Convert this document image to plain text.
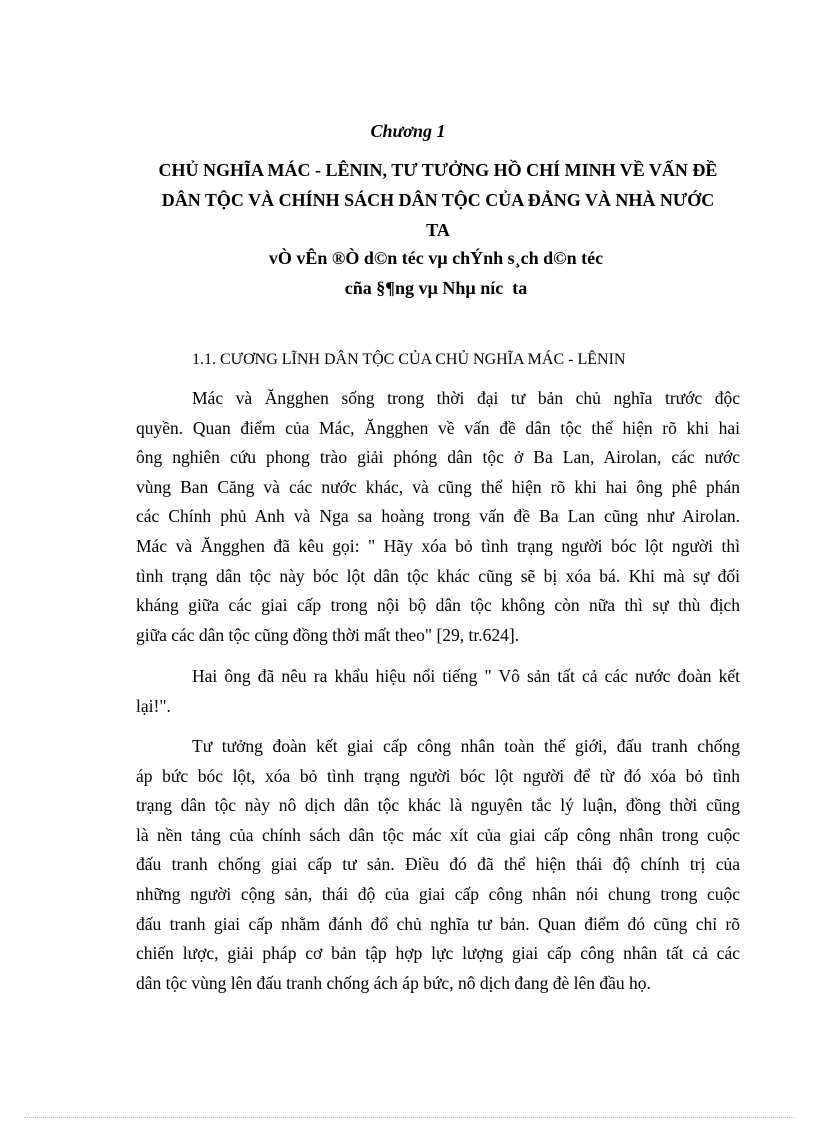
Chương 1
CHỦ NGHĨA MÁC - LÊNIN, TƯ TƯỞNG HỒ CHÍ MINH VỀ VẤN ĐỀ
DÂN TỘC VÀ CHÍNH SÁCH DÂN TỘC CỦA ĐẢNG VÀ NHÀ NƯỚC
TA
vÒ vÊn ®Ò d©n téc vµ chÝnh s¸ch d©n téc
cña §¶ng vµ Nhµ níc  ta
1.1. CƯƠNG LĨNH DÂN TỘC CỦA CHỦ NGHĨA MÁC - LÊNIN
Mác và Ăngghen sống trong thời đại tư bản chủ nghĩa trước độc
quyền. Quan điểm của Mác, Ăngghen về vấn đề dân tộc thể hiện rõ khi hai
ông nghiên cứu phong trào giải phóng dân tộc ở Ba Lan, Airolan, các nước
vùng Ban Căng và các nước khác, và cũng thể hiện rõ khi hai ông phê phán
các Chính phủ Anh và Nga sa hoàng trong vấn đề Ba Lan cũng như Airolan.
Mác và Ăngghen đã kêu gọi: " Hãy xóa bỏ tình trạng người bóc lột người thì
tình trạng dân tộc này bóc lột dân tộc khác cũng sẽ bị xóa bá. Khi mà sự đối
kháng giữa các giai cấp trong nội bộ dân tộc không còn nữa thì sự thù địch
giữa các dân tộc cũng đồng thời mất theo" [29, tr.624].
Hai ông đã nêu ra khẩu hiệu nổi tiếng " Vô sản tất cả các nước đoàn kết
lại!".
Tư tưởng đoàn kết giai cấp công nhân toàn thế giới, đấu tranh chống
áp bức bóc lột, xóa bỏ tình trạng người bóc lột người để từ đó xóa bỏ tình
trạng dân tộc này nô dịch dân tộc khác là nguyên tắc lý luận, đồng thời cũng
là nền tảng của chính sách dân tộc mác xít của giai cấp công nhân trong cuộc
đấu tranh chống giai cấp tư sản. Điều đó đã thể hiện thái độ chính trị của
những người cộng sản, thái độ của giai cấp công nhân nói chung trong cuộc
đấu tranh giai cấp nhằm đánh đổ chủ nghĩa tư bản. Quan điểm đó cũng chỉ rõ
chiến lược, giải pháp cơ bản tập hợp lực lượng giai cấp công nhân tất cả các
dân tộc vùng lên đấu tranh chống ách áp bức, nô dịch đang đè lên đầu họ.
